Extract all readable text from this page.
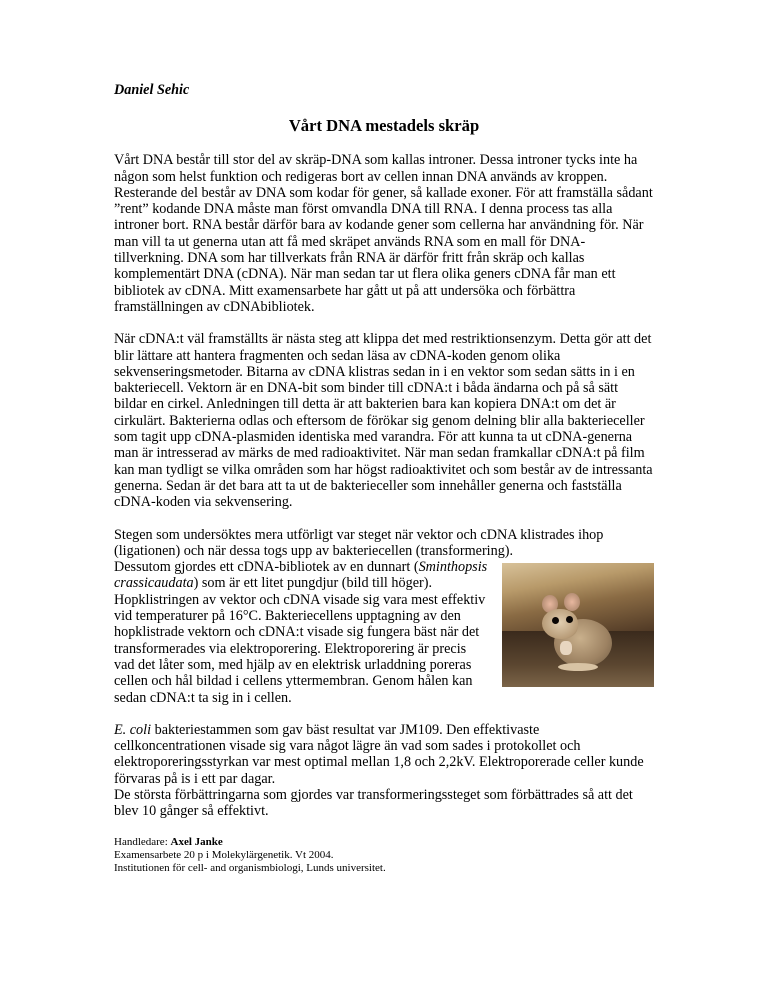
Daniel Sehic

Vårt DNA mestadels skräp

Vårt DNA består till stor del av skräp-DNA som kallas introner. Dessa introner tycks inte ha någon som helst funktion och redigeras bort av cellen innan DNA används av kroppen. Resterande del består av DNA som kodar för gener, så kallade exoner. För att framställa sådant ”rent” kodande DNA måste man först omvandla DNA till RNA. I denna process tas alla introner bort. RNA består därför bara av kodande gener som cellerna har användning för. När man vill ta ut generna utan att få med skräpet används RNA som en mall för DNA-tillverkning. DNA som har tillverkats från RNA är därför fritt från skräp och kallas komplementärt DNA (cDNA). När man sedan tar ut flera olika geners cDNA får man ett bibliotek av cDNA. Mitt examensarbete har gått ut på att undersöka och förbättra framställningen av cDNAbibliotek.

När cDNA:t väl framställts är nästa steg att klippa det med restriktionsenzym. Detta gör att det blir lättare att hantera fragmenten och sedan läsa av cDNA-koden genom olika sekvenseringsmetoder. Bitarna av cDNA klistras sedan in i en vektor som sedan sätts in i en bakteriecell. Vektorn är en DNA-bit som binder till cDNA:t i båda ändarna och på så sätt bildar en cirkel. Anledningen till detta är att bakterien bara kan kopiera DNA:t om det är cirkulärt. Bakterierna odlas och eftersom de förökar sig genom delning blir alla bakterieceller som tagit upp cDNA-plasmiden identiska med varandra. För att kunna ta ut cDNA-generna man är intresserad av märks de med radioaktivitet. När man sedan framkallar cDNA:t på film kan man tydligt se vilka områden som har högst radioaktivitet och som består av de intressanta generna. Sedan är det bara att ta ut de bakterieceller som innehåller generna och fastställa cDNA-koden via sekvensering.

Stegen som undersöktes mera utförligt var steget när vektor och cDNA klistrades ihop (ligationen) och när dessa togs upp av bakteriecellen (transformering).

Dessutom gjordes ett cDNA-bibliotek av en dunnart (Sminthopsis crassicaudata) som är ett litet pungdjur (bild till höger). Hopklistringen av vektor och cDNA visade sig vara mest effektiv vid temperaturer på 16°C. Bakteriecellens upptagning av den hopklistrade vektorn och cDNA:t visade sig fungera bäst när det transformerades via elektroporering. Elektroporering är precis vad det låter som, med hjälp av en elektrisk urladdning poreras cellen och hål bildad i cellens yttermembran. Genom hålen kan sedan cDNA:t ta sig in i cellen.

E. coli bakteriestammen som gav bäst resultat var JM109. Den effektivaste cellkoncentrationen visade sig vara något lägre än vad som sades i protokollet och elektroporeringsstyrkan var mest optimal mellan 1,8 och 2,2kV. Elektroporerade celler kunde förvaras på is i ett par dagar.
De största förbättringarna som gjordes var transformeringssteget som förbättrades så att det blev 10 gånger så effektivt.

Handledare: Axel Janke
Examensarbete 20 p i Molekylärgenetik. Vt 2004.
Institutionen för cell- and organismbiologi, Lunds universitet.
